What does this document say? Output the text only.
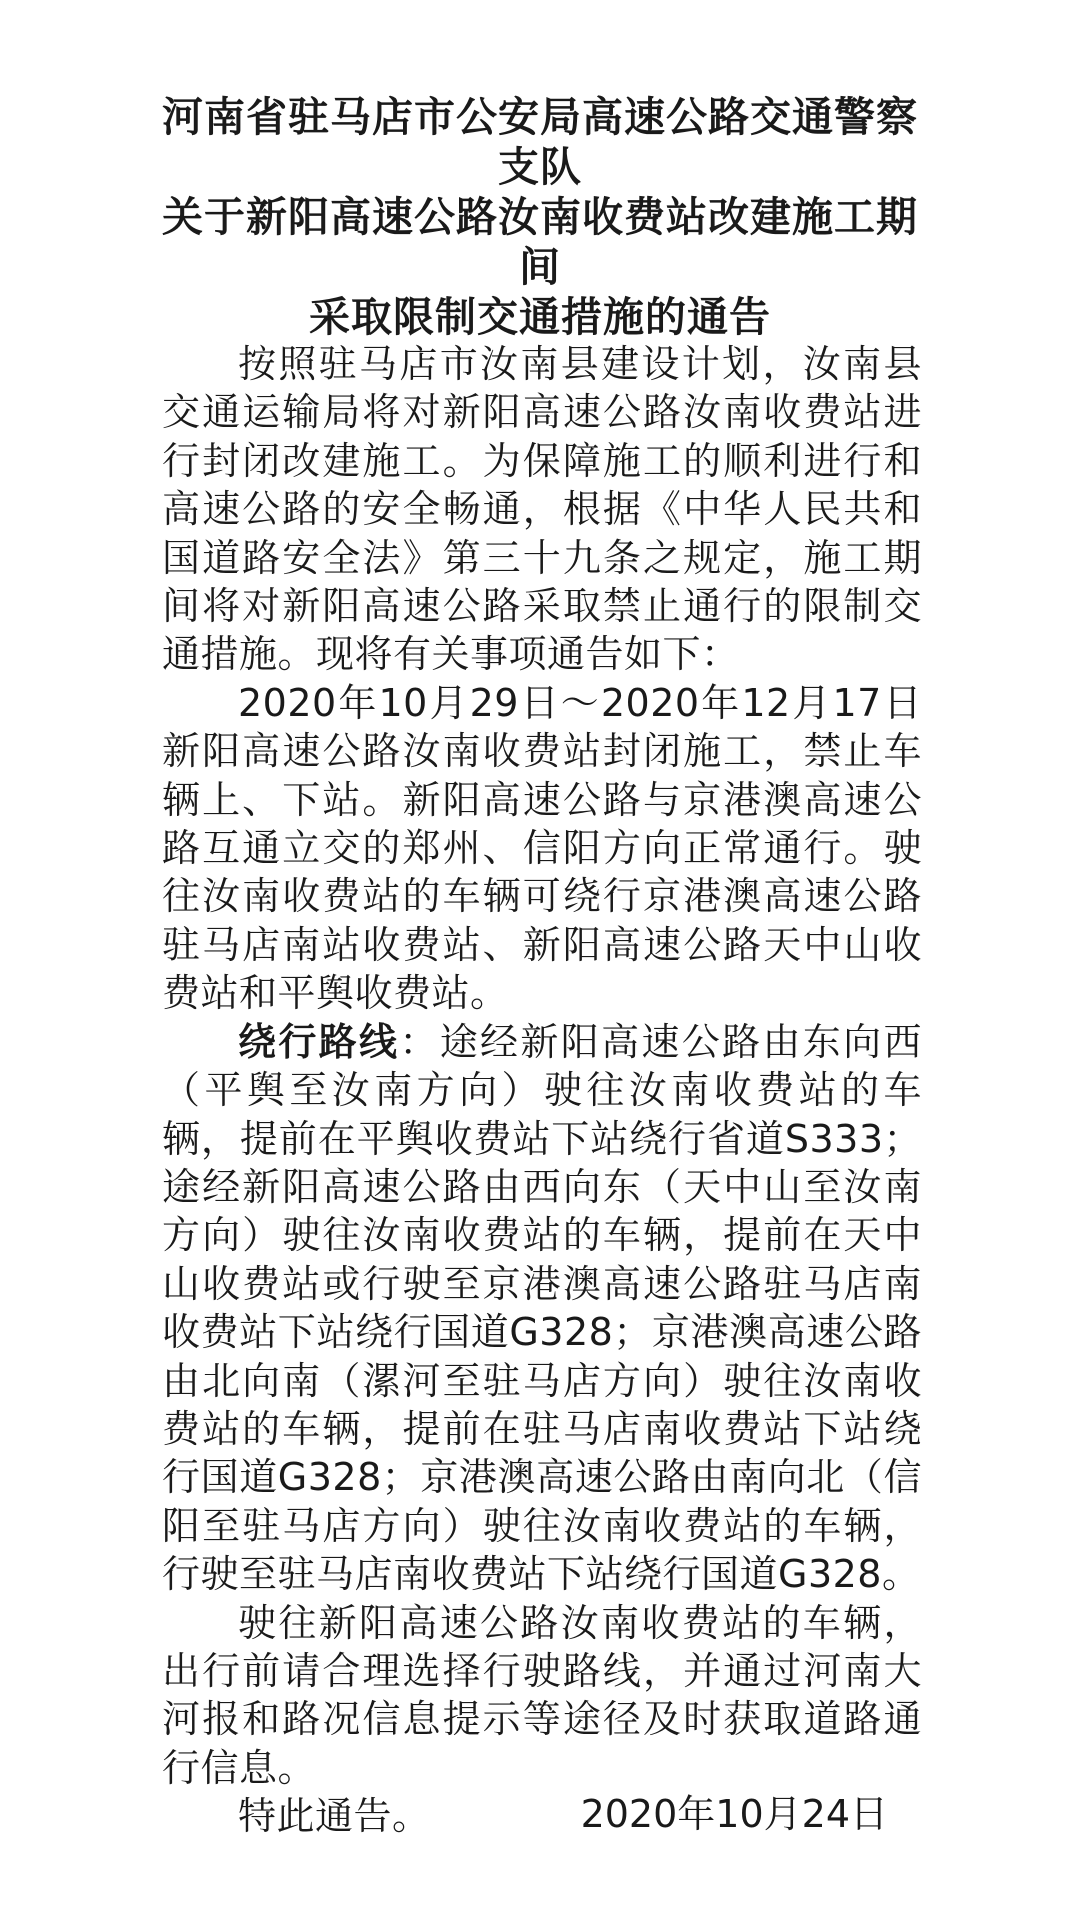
河南省驻马店市公安局高速公路交通警察支队
关于新阳高速公路汝南收费站改建施工期间
采取限制交通措施的通告

按照驻马店市汝南县建设计划，汝南县交通运输局将对新阳高速公路汝南收费站进行封闭改建施工。为保障施工的顺利进行和高速公路的安全畅通，根据《中华人民共和国道路安全法》第三十九条之规定，施工期间将对新阳高速公路采取禁止通行的限制交通措施。现将有关事项通告如下：

2020年10月29日～2020年12月17日新阳高速公路汝南收费站封闭施工，禁止车辆上、下站。新阳高速公路与京港澳高速公路互通立交的郑州、信阳方向正常通行。驶往汝南收费站的车辆可绕行京港澳高速公路驻马店南站收费站、新阳高速公路天中山收费站和平舆收费站。

绕行路线：途经新阳高速公路由东向西（平舆至汝南方向）驶往汝南收费站的车辆，提前在平舆收费站下站绕行省道S333；途经新阳高速公路由西向东（天中山至汝南方向）驶往汝南收费站的车辆，提前在天中山收费站或行驶至京港澳高速公路驻马店南收费站下站绕行国道G328；京港澳高速公路由北向南（漯河至驻马店方向）驶往汝南收费站的车辆，提前在驻马店南收费站下站绕行国道G328；京港澳高速公路由南向北（信阳至驻马店方向）驶往汝南收费站的车辆，行驶至驻马店南收费站下站绕行国道G328。

驶往新阳高速公路汝南收费站的车辆，出行前请合理选择行驶路线，并通过河南大河报和路况信息提示等途径及时获取道路通行信息。

特此通告。	2020年10月24日
